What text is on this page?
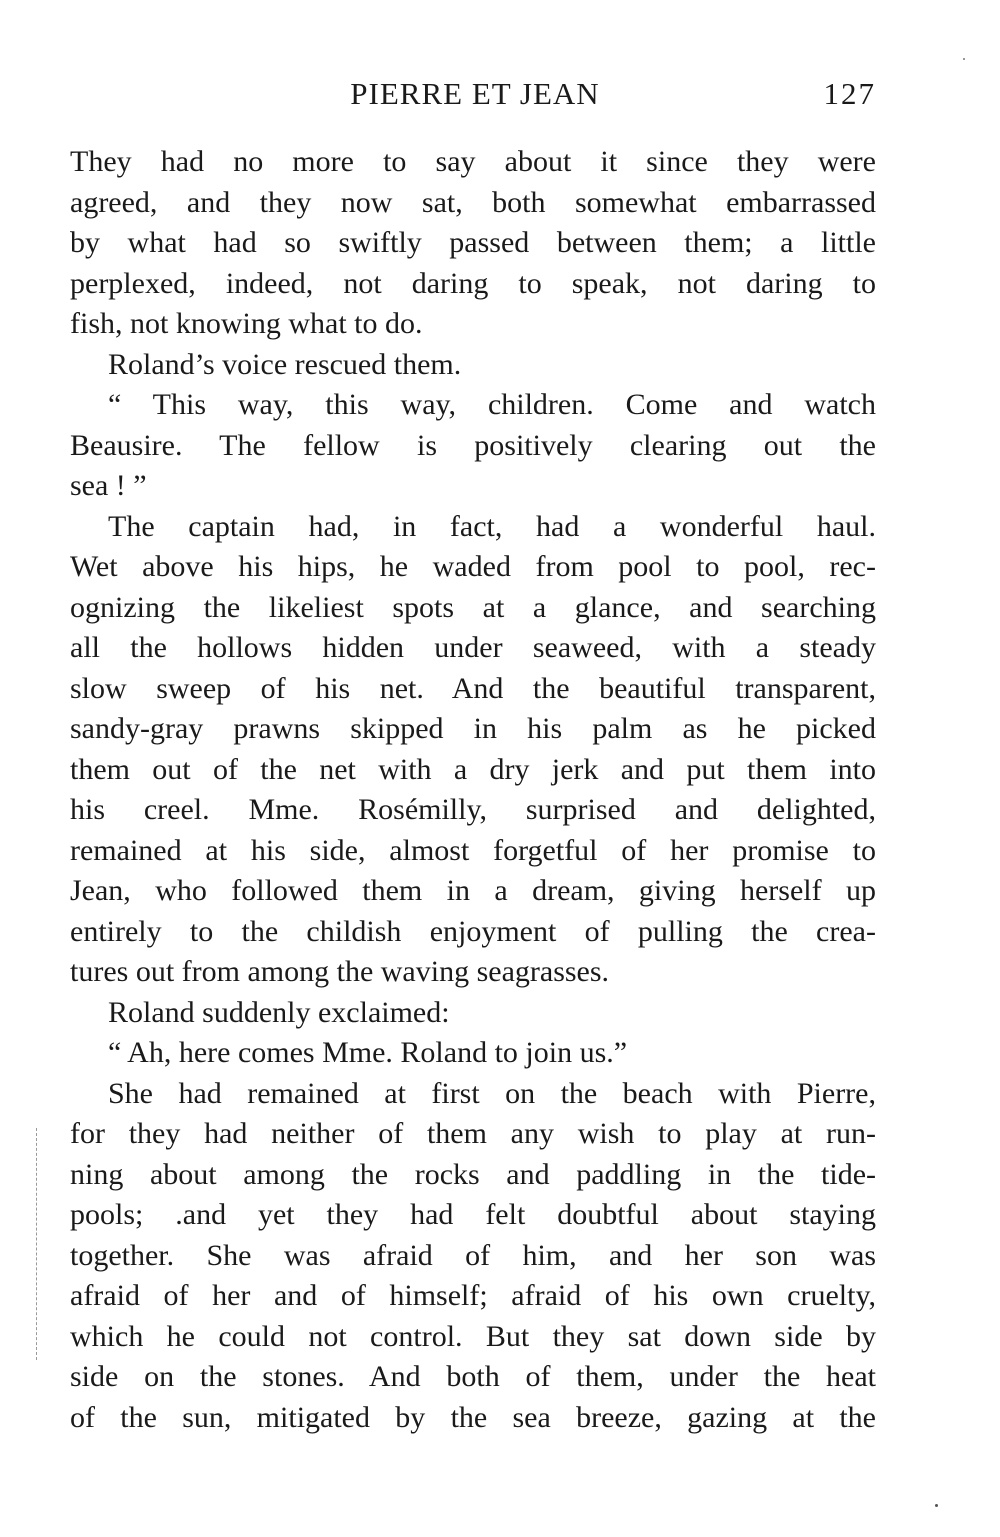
PIERRE ET JEAN	127
They had no more to say about it since they were
agreed, and they now sat, both somewhat embarrassed
by what had so swiftly passed between them; a little
perplexed, indeed, not daring to speak, not daring to
fish, not knowing what to do.
Roland’s voice rescued them.
“ This way, this way, children. Come and watch
Beausire. The fellow is positively clearing out the
sea ! ”
The captain had, in fact, had a wonderful haul.
Wet above his hips, he waded from pool to pool, rec-
ognizing the likeliest spots at a glance, and searching
all the hollows hidden under seaweed, with a steady
slow sweep of his net. And the beautiful transparent,
sandy-gray prawns skipped in his palm as he picked
them out of the net with a dry jerk and put them into
his creel. Mme. Rosémilly, surprised and delighted,
remained at his side, almost forgetful of her promise to
Jean, who followed them in a dream, giving herself up
entirely to the childish enjoyment of pulling the crea-
tures out from among the waving seagrasses.
Roland suddenly exclaimed:
“ Ah, here comes Mme. Roland to join us.”
She had remained at first on the beach with Pierre,
for they had neither of them any wish to play at run-
ning about among the rocks and paddling in the tide-
pools; .and yet they had felt doubtful about staying
together. She was afraid of him, and her son was
afraid of her and of himself; afraid of his own cruelty,
which he could not control. But they sat down side by
side on the stones. And both of them, under the heat
of the sun, mitigated by the sea breeze, gazing at the
